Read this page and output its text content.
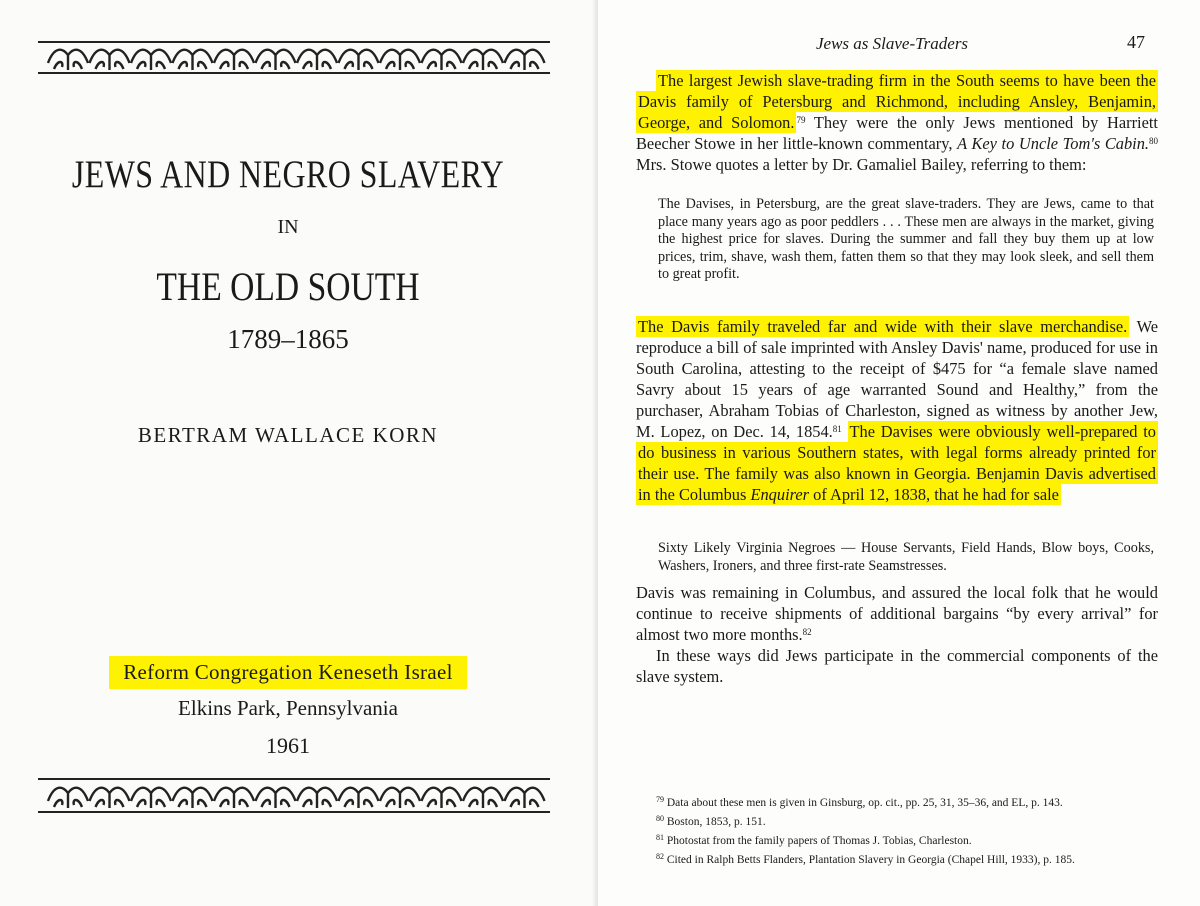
JEWS AND NEGRO SLAVERY
IN
THE OLD SOUTH
1789–1865
BERTRAM WALLACE KORN
Reform Congregation Keneseth Israel
Elkins Park, Pennsylvania
1961
Jews as Slave-Traders	47

The largest Jewish slave-trading firm in the South seems to have been the Davis family of Petersburg and Richmond, including Ansley, Benjamin, George, and Solomon. $^{79}$ They were the only Jews mentioned by Harriett Beecher Stowe in her little-known commentary, A Key to Uncle Tom's Cabin.$^{80}$ Mrs. Stowe quotes a letter by Dr. Gamaliel Bailey, referring to them:

The Davises, in Petersburg, are the great slave-traders. They are Jews, came to that place many years ago as poor peddlers . . . These men are always in the market, giving the highest price for slaves. During the summer and fall they buy them up at low prices, trim, shave, wash them, fatten them so that they may look sleek, and sell them to great profit.

The Davis family traveled far and wide with their slave merchandise. We reproduce a bill of sale imprinted with Ansley Davis' name, produced for use in South Carolina, attesting to the receipt of $475 for “a female slave named Savry about 15 years of age warranted Sound and Healthy,” from the purchaser, Abraham Tobias of Charleston, signed as witness by another Jew, M. Lopez, on Dec. 14, 1854.81 The Davises were obviously well-prepared to do business in various Southern states, with legal forms already printed for their use. The family was also known in Georgia. Benjamin Davis advertised in the Columbus Enquirer of April 12, 1838, that he had for sale

Sixty Likely Virginia Negroes — House Servants, Field Hands, Blow boys, Cooks, Washers, Ironers, and three first-rate Seamstresses.

Davis was remaining in Columbus, and assured the local folk that he would continue to receive shipments of additional bargains “by every arrival” for almost two more months.$^{82}$

In these ways did Jews participate in the commercial components of the slave system.

$^{79}$ Data about these men is given in Ginsburg, op. cit., pp. 25, 31, 35–36, and EL, p. 143.

$^{80}$ Boston, 1853, p. 151.

$^{81}$ Photostat from the family papers of Thomas J. Tobias, Charleston.

$^{82}$ Cited in Ralph Betts Flanders, Plantation Slavery in Georgia (Chapel Hill, 1933), p. 185.
